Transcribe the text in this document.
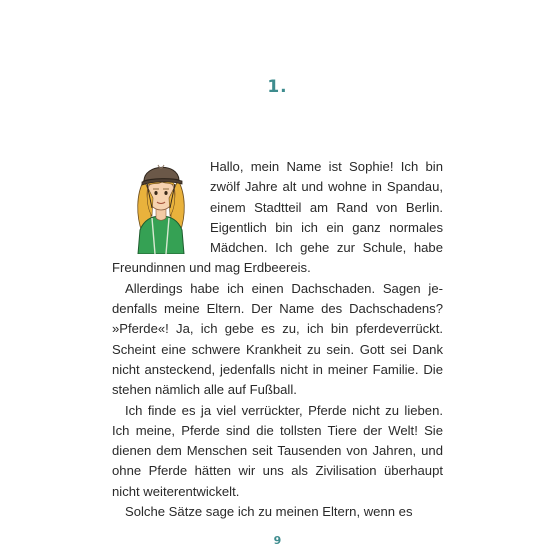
1.

Hallo, mein Name ist Sophie! Ich bin zwölf Jahre alt und wohne in Spandau, einem Stadtteil am Rand von Berlin. Eigentlich bin ich ein ganz normales Mädchen. Ich gehe zur Schule, habe Freundinnen und mag Erdbeereis.

Allerdings habe ich einen Dachschaden. Sagen jedenfalls meine Eltern. Der Name des Dachschadens? »Pferde«! Ja, ich gebe es zu, ich bin pferdeverrückt. Scheint eine schwere Krankheit zu sein. Gott sei Dank nicht ansteckend, jedenfalls nicht in meiner Familie. Die stehen nämlich alle auf Fußball.

Ich finde es ja viel verrückter, Pferde nicht zu lieben. Ich meine, Pferde sind die tollsten Tiere der Welt! Sie dienen dem Menschen seit Tausenden von Jahren, und ohne Pferde hätten wir uns als Zivilisation überhaupt nicht weiterentwickelt.

Solche Sätze sage ich zu meinen Eltern, wenn es

9
